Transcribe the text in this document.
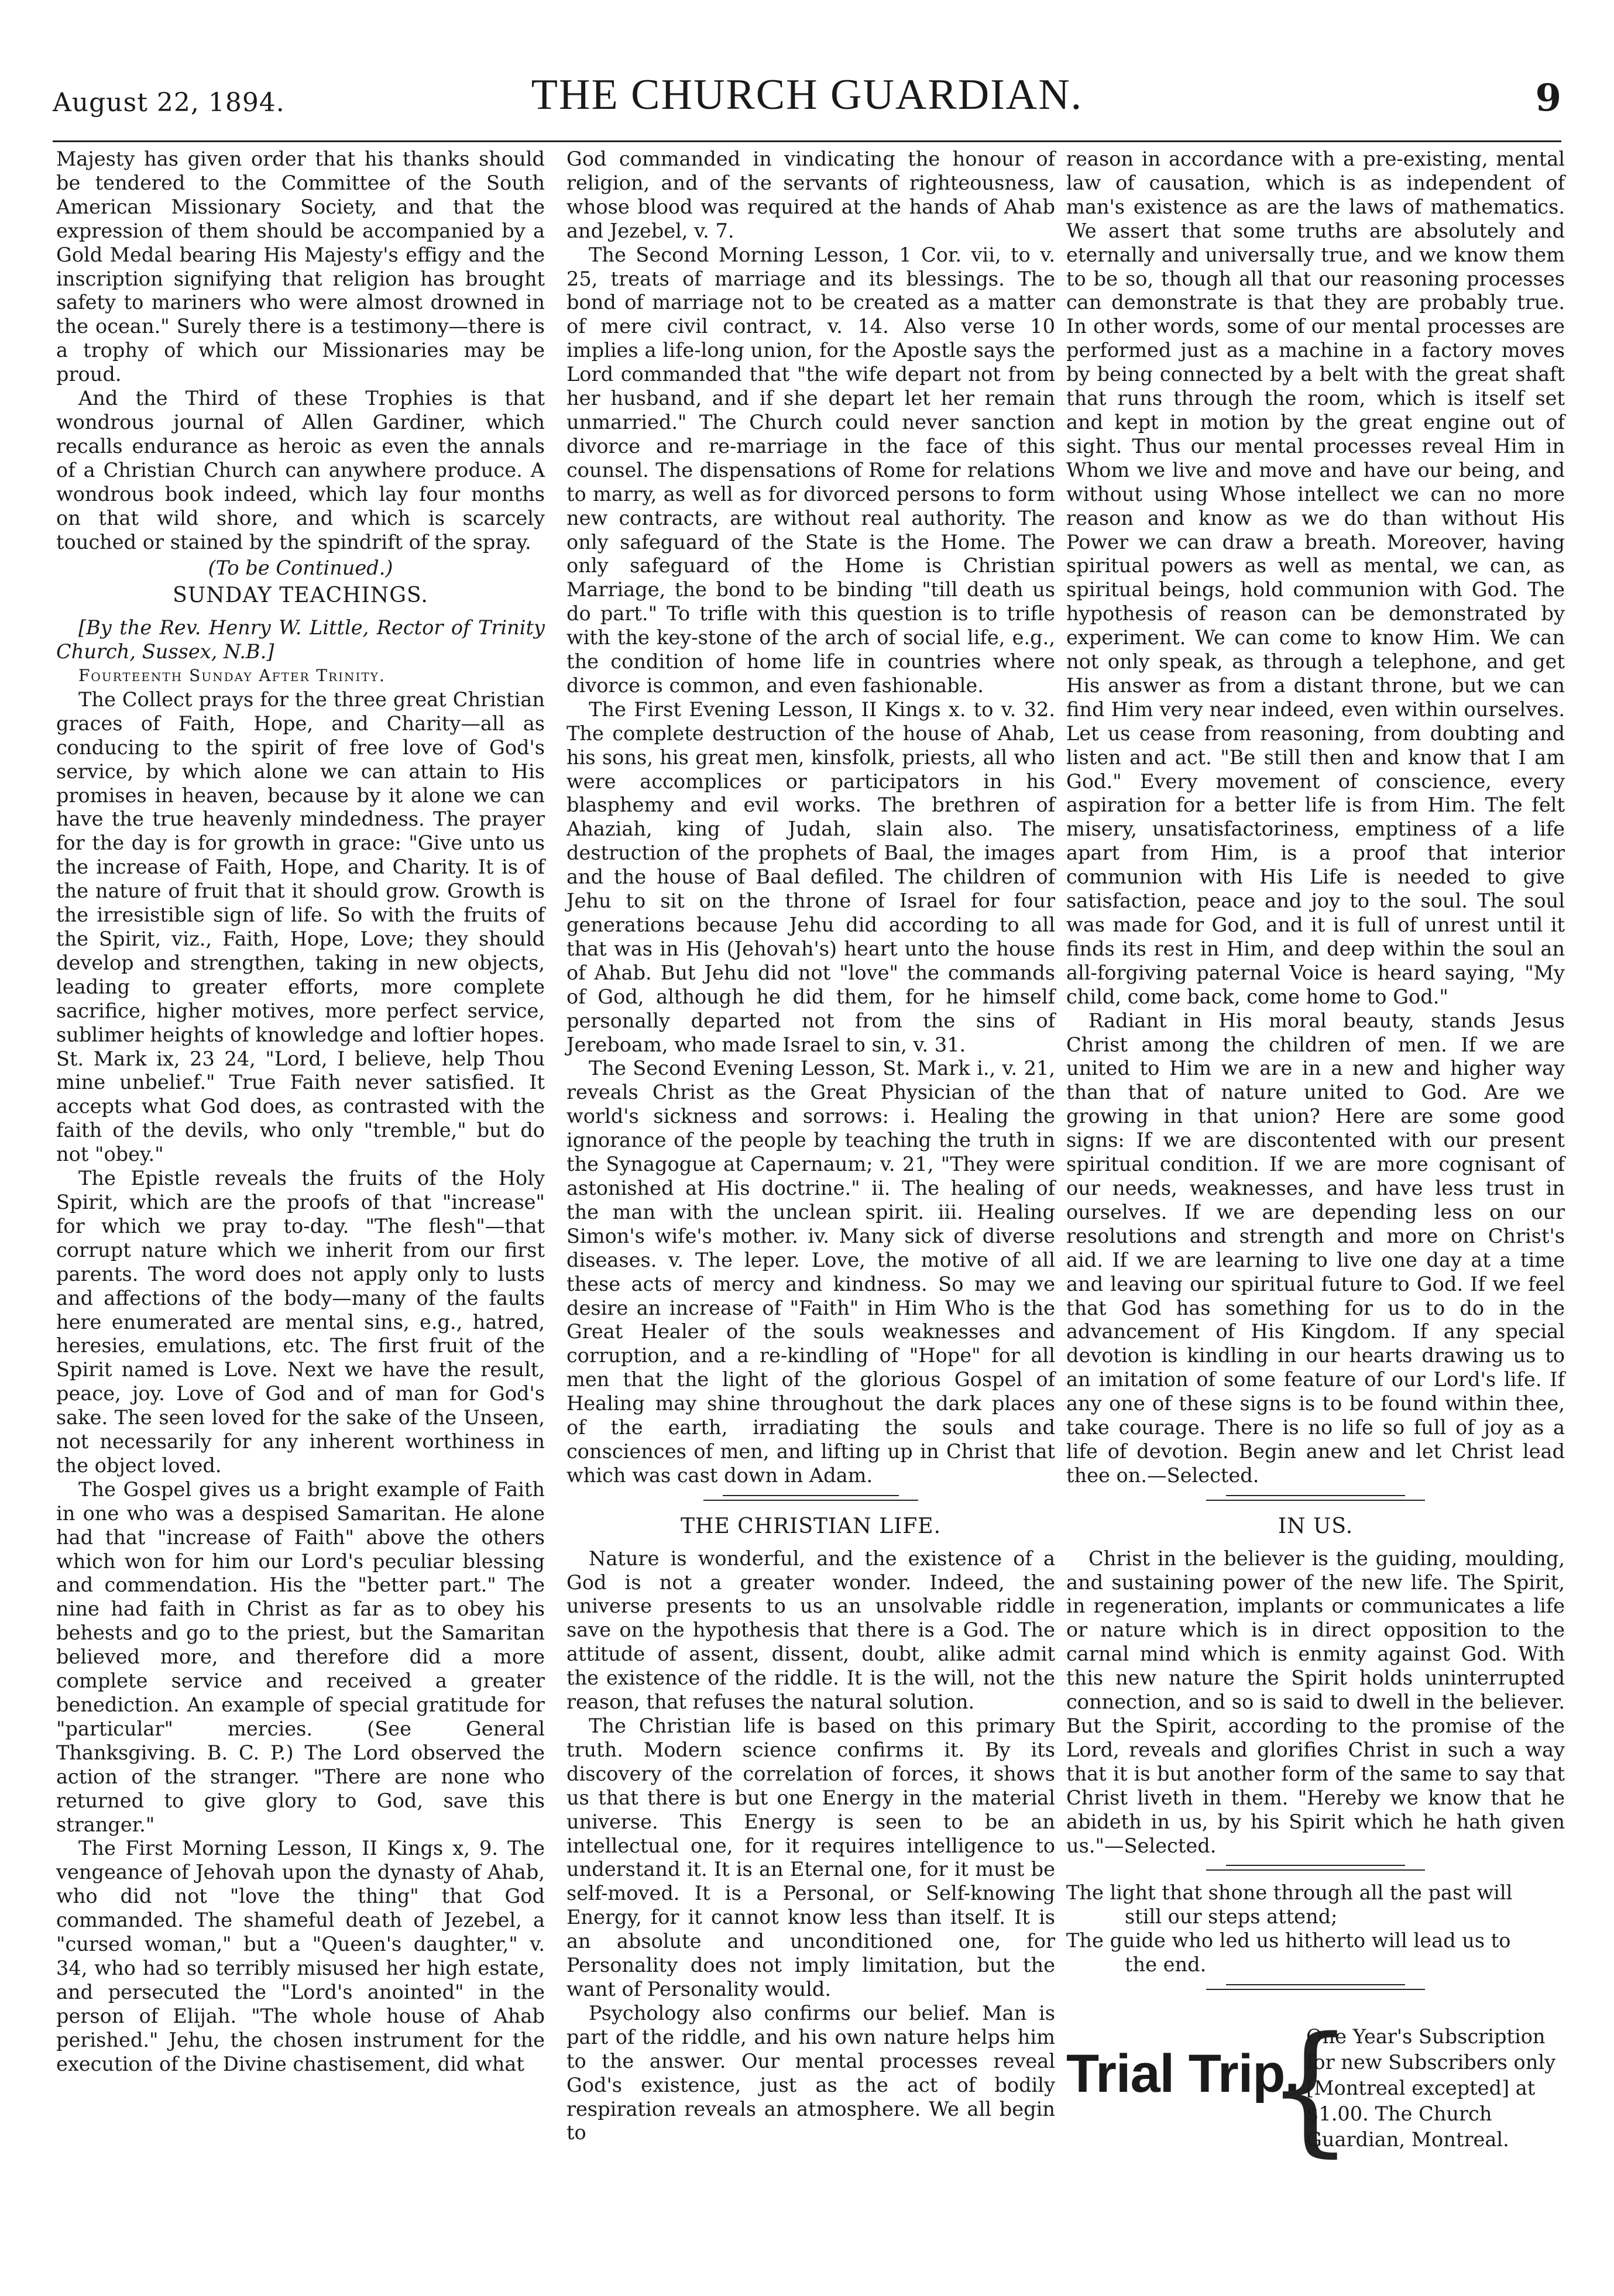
August 22, 1894.	THE CHURCH GUARDIAN.	9

Majesty has given order that his thanks should be tendered to the Committee of the South American Missionary Society, and that the expression of them should be accompanied by a Gold Medal bearing His Majesty's effigy and the inscription signifying that religion has brought safety to mariners who were almost drowned in the ocean." Surely there is a testimony—there is a trophy of which our Missionaries may be proud.

And the Third of these Trophies is that wondrous journal of Allen Gardiner, which recalls endurance as heroic as even the annals of a Christian Church can anywhere produce. A wondrous book indeed, which lay four months on that wild shore, and which is scarcely touched or stained by the spindrift of the spray.

(To be Continued.)

SUNDAY TEACHINGS.

[By the Rev. Henry W. Little, Rector of Trinity Church, Sussex, N.B.]

Fourteenth Sunday After Trinity.

The Collect prays for the three great Christian graces of Faith, Hope, and Charity—all as conducing to the spirit of free love of God's service, by which alone we can attain to His promises in heaven, because by it alone we can have the true heavenly mindedness. The prayer for the day is for growth in grace: "Give unto us the increase of Faith, Hope, and Charity. It is of the nature of fruit that it should grow. Growth is the irresistible sign of life. So with the fruits of the Spirit, viz., Faith, Hope, Love; they should develop and strengthen, taking in new objects, leading to greater efforts, more complete sacrifice, higher motives, more perfect service, sublimer heights of knowledge and loftier hopes. St. Mark ix, 23 24, "Lord, I believe, help Thou mine unbelief." True Faith never satisfied. It accepts what God does, as contrasted with the faith of the devils, who only "tremble," but do not "obey."

The Epistle reveals the fruits of the Holy Spirit, which are the proofs of that "increase" for which we pray to-day. "The flesh"—that corrupt nature which we inherit from our first parents. The word does not apply only to lusts and affections of the body—many of the faults here enumerated are mental sins, e.g., hatred, heresies, emulations, etc. The first fruit of the Spirit named is Love. Next we have the result, peace, joy. Love of God and of man for God's sake. The seen loved for the sake of the Unseen, not necessarily for any inherent worthiness in the object loved.

The Gospel gives us a bright example of Faith in one who was a despised Samaritan. He alone had that "increase of Faith" above the others which won for him our Lord's peculiar blessing and commendation. His the "better part." The nine had faith in Christ as far as to obey his behests and go to the priest, but the Samaritan believed more, and therefore did a more complete service and received a greater benediction. An example of special gratitude for "particular" mercies. (See General Thanksgiving. B. C. P.) The Lord observed the action of the stranger. "There are none who returned to give glory to God, save this stranger."

The First Morning Lesson, II Kings x, 9. The vengeance of Jehovah upon the dynasty of Ahab, who did not "love the thing" that God commanded. The shameful death of Jezebel, a "cursed woman," but a "Queen's daughter," v. 34, who had so terribly misused her high estate, and persecuted the "Lord's anointed" in the person of Elijah. "The whole house of Ahab perished." Jehu, the chosen instrument for the execution of the Divine chastisement, did what

God commanded in vindicating the honour of religion, and of the servants of righteousness, whose blood was required at the hands of Ahab and Jezebel, v. 7.

The Second Morning Lesson, 1 Cor. vii, to v. 25, treats of marriage and its blessings. The bond of marriage not to be created as a matter of mere civil contract, v. 14. Also verse 10 implies a life-long union, for the Apostle says the Lord commanded that "the wife depart not from her husband, and if she depart let her remain unmarried." The Church could never sanction divorce and re-marriage in the face of this counsel. The dispensations of Rome for relations to marry, as well as for divorced persons to form new contracts, are without real authority. The only safeguard of the State is the Home. The only safeguard of the Home is Christian Marriage, the bond to be binding "till death us do part." To trifle with this question is to trifle with the key-stone of the arch of social life, e.g., the condition of home life in countries where divorce is common, and even fashionable.

The First Evening Lesson, II Kings x. to v. 32. The complete destruction of the house of Ahab, his sons, his great men, kinsfolk, priests, all who were accomplices or participators in his blasphemy and evil works. The brethren of Ahaziah, king of Judah, slain also. The destruction of the prophets of Baal, the images and the house of Baal defiled. The children of Jehu to sit on the throne of Israel for four generations because Jehu did according to all that was in His (Jehovah's) heart unto the house of Ahab. But Jehu did not "love" the commands of God, although he did them, for he himself personally departed not from the sins of Jereboam, who made Israel to sin, v. 31.

The Second Evening Lesson, St. Mark i., v. 21, reveals Christ as the Great Physician of the world's sickness and sorrows: i. Healing the ignorance of the people by teaching the truth in the Synagogue at Capernaum; v. 21, "They were astonished at His doctrine." ii. The healing of the man with the unclean spirit. iii. Healing Simon's wife's mother. iv. Many sick of diverse diseases. v. The leper. Love, the motive of all these acts of mercy and kindness. So may we desire an increase of "Faith" in Him Who is the Great Healer of the souls weaknesses and corruption, and a re-kindling of "Hope" for all men that the light of the glorious Gospel of Healing may shine throughout the dark places of the earth, irradiating the souls and consciences of men, and lifting up in Christ that which was cast down in Adam.

THE CHRISTIAN LIFE.

Nature is wonderful, and the existence of a God is not a greater wonder. Indeed, the universe presents to us an unsolvable riddle save on the hypothesis that there is a God. The attitude of assent, dissent, doubt, alike admit the existence of the riddle. It is the will, not the reason, that refuses the natural solution.

The Christian life is based on this primary truth. Modern science confirms it. By its discovery of the correlation of forces, it shows us that there is but one Energy in the material universe. This Energy is seen to be an intellectual one, for it requires intelligence to understand it. It is an Eternal one, for it must be self-moved. It is a Personal, or Self-knowing Energy, for it cannot know less than itself. It is an absolute and unconditioned one, for Personality does not imply limitation, but the want of Personality would.

Psychology also confirms our belief. Man is part of the riddle, and his own nature helps him to the answer. Our mental processes reveal God's existence, just as the act of bodily respiration reveals an atmosphere. We all begin to

reason in accordance with a pre-existing, mental law of causation, which is as independent of man's existence as are the laws of mathematics. We assert that some truths are absolutely and eternally and universally true, and we know them to be so, though all that our reasoning processes can demonstrate is that they are probably true. In other words, some of our mental processes are performed just as a machine in a factory moves by being connected by a belt with the great shaft that runs through the room, which is itself set and kept in motion by the great engine out of sight. Thus our mental processes reveal Him in Whom we live and move and have our being, and without using Whose intellect we can no more reason and know as we do than without His Power we can draw a breath. Moreover, having spiritual powers as well as mental, we can, as spiritual beings, hold communion with God. The hypothesis of reason can be demonstrated by experiment. We can come to know Him. We can not only speak, as through a telephone, and get His answer as from a distant throne, but we can find Him very near indeed, even within ourselves. Let us cease from reasoning, from doubting and listen and act. "Be still then and know that I am God." Every movement of conscience, every aspiration for a better life is from Him. The felt misery, unsatisfactoriness, emptiness of a life apart from Him, is a proof that interior communion with His Life is needed to give satisfaction, peace and joy to the soul. The soul was made for God, and it is full of unrest until it finds its rest in Him, and deep within the soul an all-forgiving paternal Voice is heard saying, "My child, come back, come home to God."

Radiant in His moral beauty, stands Jesus Christ among the children of men. If we are united to Him we are in a new and higher way than that of nature united to God. Are we growing in that union? Here are some good signs: If we are discontented with our present spiritual condition. If we are more cognisant of our needs, weaknesses, and have less trust in ourselves. If we are depending less on our resolutions and strength and more on Christ's aid. If we are learning to live one day at a time and leaving our spiritual future to God. If we feel that God has something for us to do in the advancement of His Kingdom. If any special devotion is kindling in our hearts drawing us to an imitation of some feature of our Lord's life. If any one of these signs is to be found within thee, take courage. There is no life so full of joy as a life of devotion. Begin anew and let Christ lead thee on.—Selected.

IN US.

Christ in the believer is the guiding, moulding, and sustaining power of the new life. The Spirit, in regeneration, implants or communicates a life or nature which is in direct opposition to the carnal mind which is enmity against God. With this new nature the Spirit holds uninterrupted connection, and so is said to dwell in the believer. But the Spirit, according to the promise of the Lord, reveals and glorifies Christ in such a way that it is but another form of the same to say that Christ liveth in them. "Hereby we know that he abideth in us, by his Spirit which he hath given us."—Selected.

The light that shone through all the past will
still our steps attend;
The guide who led us hitherto will lead us to
the end.

Trial Trip.
{
One Year's Subscription for new Subscribers only [Montreal excepted] at $1.00. The Church Guardian, Montreal.
